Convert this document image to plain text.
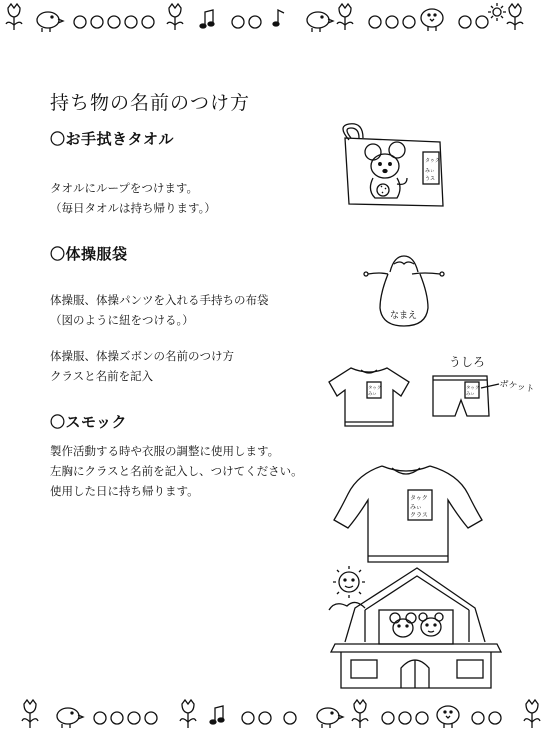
持ち物の名前のつけ方
〇お手拭きタオル
タオルにループをつけます。
（毎日タオルは持ち帰ります。）
〇体操服袋
体操服、体操パンツを入れる手持ちの布袋
（図のように紐をつける。）
体操服、体操ズボンの名前のつけ方
クラスと名前を記入
〇スモック
製作活動する時や衣服の調整に使用します。
左胸にクラスと名前を記入し、つけてください。
使用した日に持ち帰ります。
タゥク
みぃ
うス
なまえ
タゥク
みぃ
うしろ
タゥク
みぃ	ポケット
タゥク
みぃ
クラス
